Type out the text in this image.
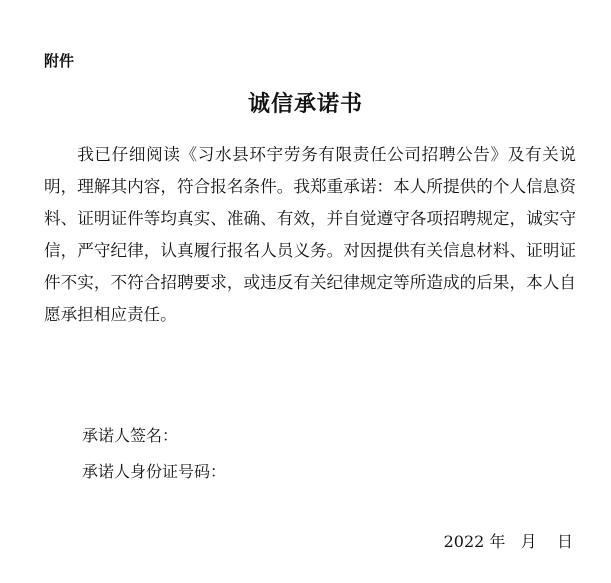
附件

诚信承诺书

我已仔细阅读《习水县环宇劳务有限责任公司招聘公告》及有关说明，理解其内容，符合报名条件。我郑重承诺：本人所提供的个人信息资料、证明证件等均真实、准确、有效，并自觉遵守各项招聘规定，诚实守信，严守纪律，认真履行报名人员义务。对因提供有关信息材料、证明证件不实，不符合招聘要求，或违反有关纪律规定等所造成的后果，本人自愿承担相应责任。

承诺人签名：

承诺人身份证号码：

2022 年   月    日
